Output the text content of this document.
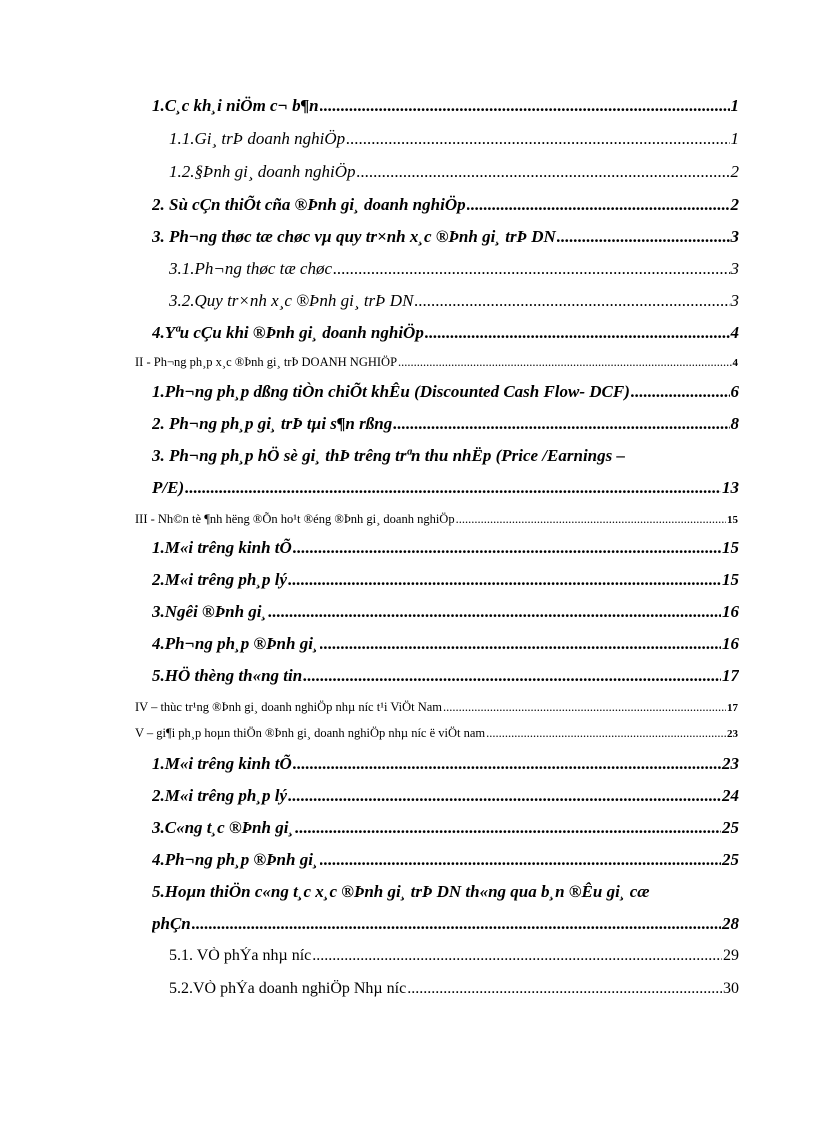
1.C¸c kh¸i niÖm c¬ b¶n .....	1
1.1.Gi¸ trÞ doanh nghiÖp .....	1
1.2.§Þnh gi¸ doanh nghiÖp .....	2
2. Sù cÇn thiÕt cña ®Þnh gi¸ doanh nghiÖp .....	2
3. Ph¬ng thøc tæ chøc vµ quy tr×nh x¸c ®Þnh gi¸ trÞ DN .....	3
3.1.Ph¬ng thøc tæ chøc .....	3
3.2.Quy tr×nh x¸c ®Þnh gi¸ trÞ DN .....	3
4.Yªu cÇu khi ®Þnh gi¸ doanh nghiÖp .....	4
II - Ph¬ng ph¸p x¸c ®Þnh gi¸ trÞ DOANH NGHIÖP .....	4
1.Ph¬ng ph¸p dßng tiÒn chiÕt khÊu (Discounted Cash Flow- DCF) .....	6
2. Ph¬ng ph¸p gi¸ trÞ tµi s¶n rßng .....	8
3. Ph¬ng ph¸p hÖ sè gi¸ thÞ trêng trªn thu nhËp (Price /Earnings –
P/E) .....	13
III - Nh©n tè ¶nh hëng ®Õn ho¹t ®éng ®Þnh gi¸ doanh nghiÖp .....	15
1.M«i trêng kinh tÕ .....	15
2.M«i trêng ph¸p lý .....	15
3.Ngêi ®Þnh gi¸ .....	16
4.Ph¬ng ph¸p ®Þnh gi¸ .....	16
5.HÖ thèng th«ng tin .....	17
IV – thùc tr¹ng ®Þnh gi¸ doanh nghiÖp nhµ níc t¹i ViÖt Nam .....	17
V – gi¶i ph¸p hoµn thiÖn ®Þnh gi¸ doanh nghiÖp nhµ níc ë viÖt nam .....	23
1.M«i trêng kinh tÕ .....	23
2.M«i trêng ph¸p lý .....	24
3.C«ng t¸c ®Þnh gi¸ .....	25
4.Ph¬ng ph¸p ®Þnh gi¸ .....	25
5.Hoµn thiÖn c«ng t¸c x¸c ®Þnh gi¸ trÞ DN th«ng qua b¸n ®Êu gi¸ cæ
phÇn .....	28
5.1. VÒ phÝa nhµ níc .....	29
5.2.VÒ phÝa doanh nghiÖp Nhµ níc .....	30
